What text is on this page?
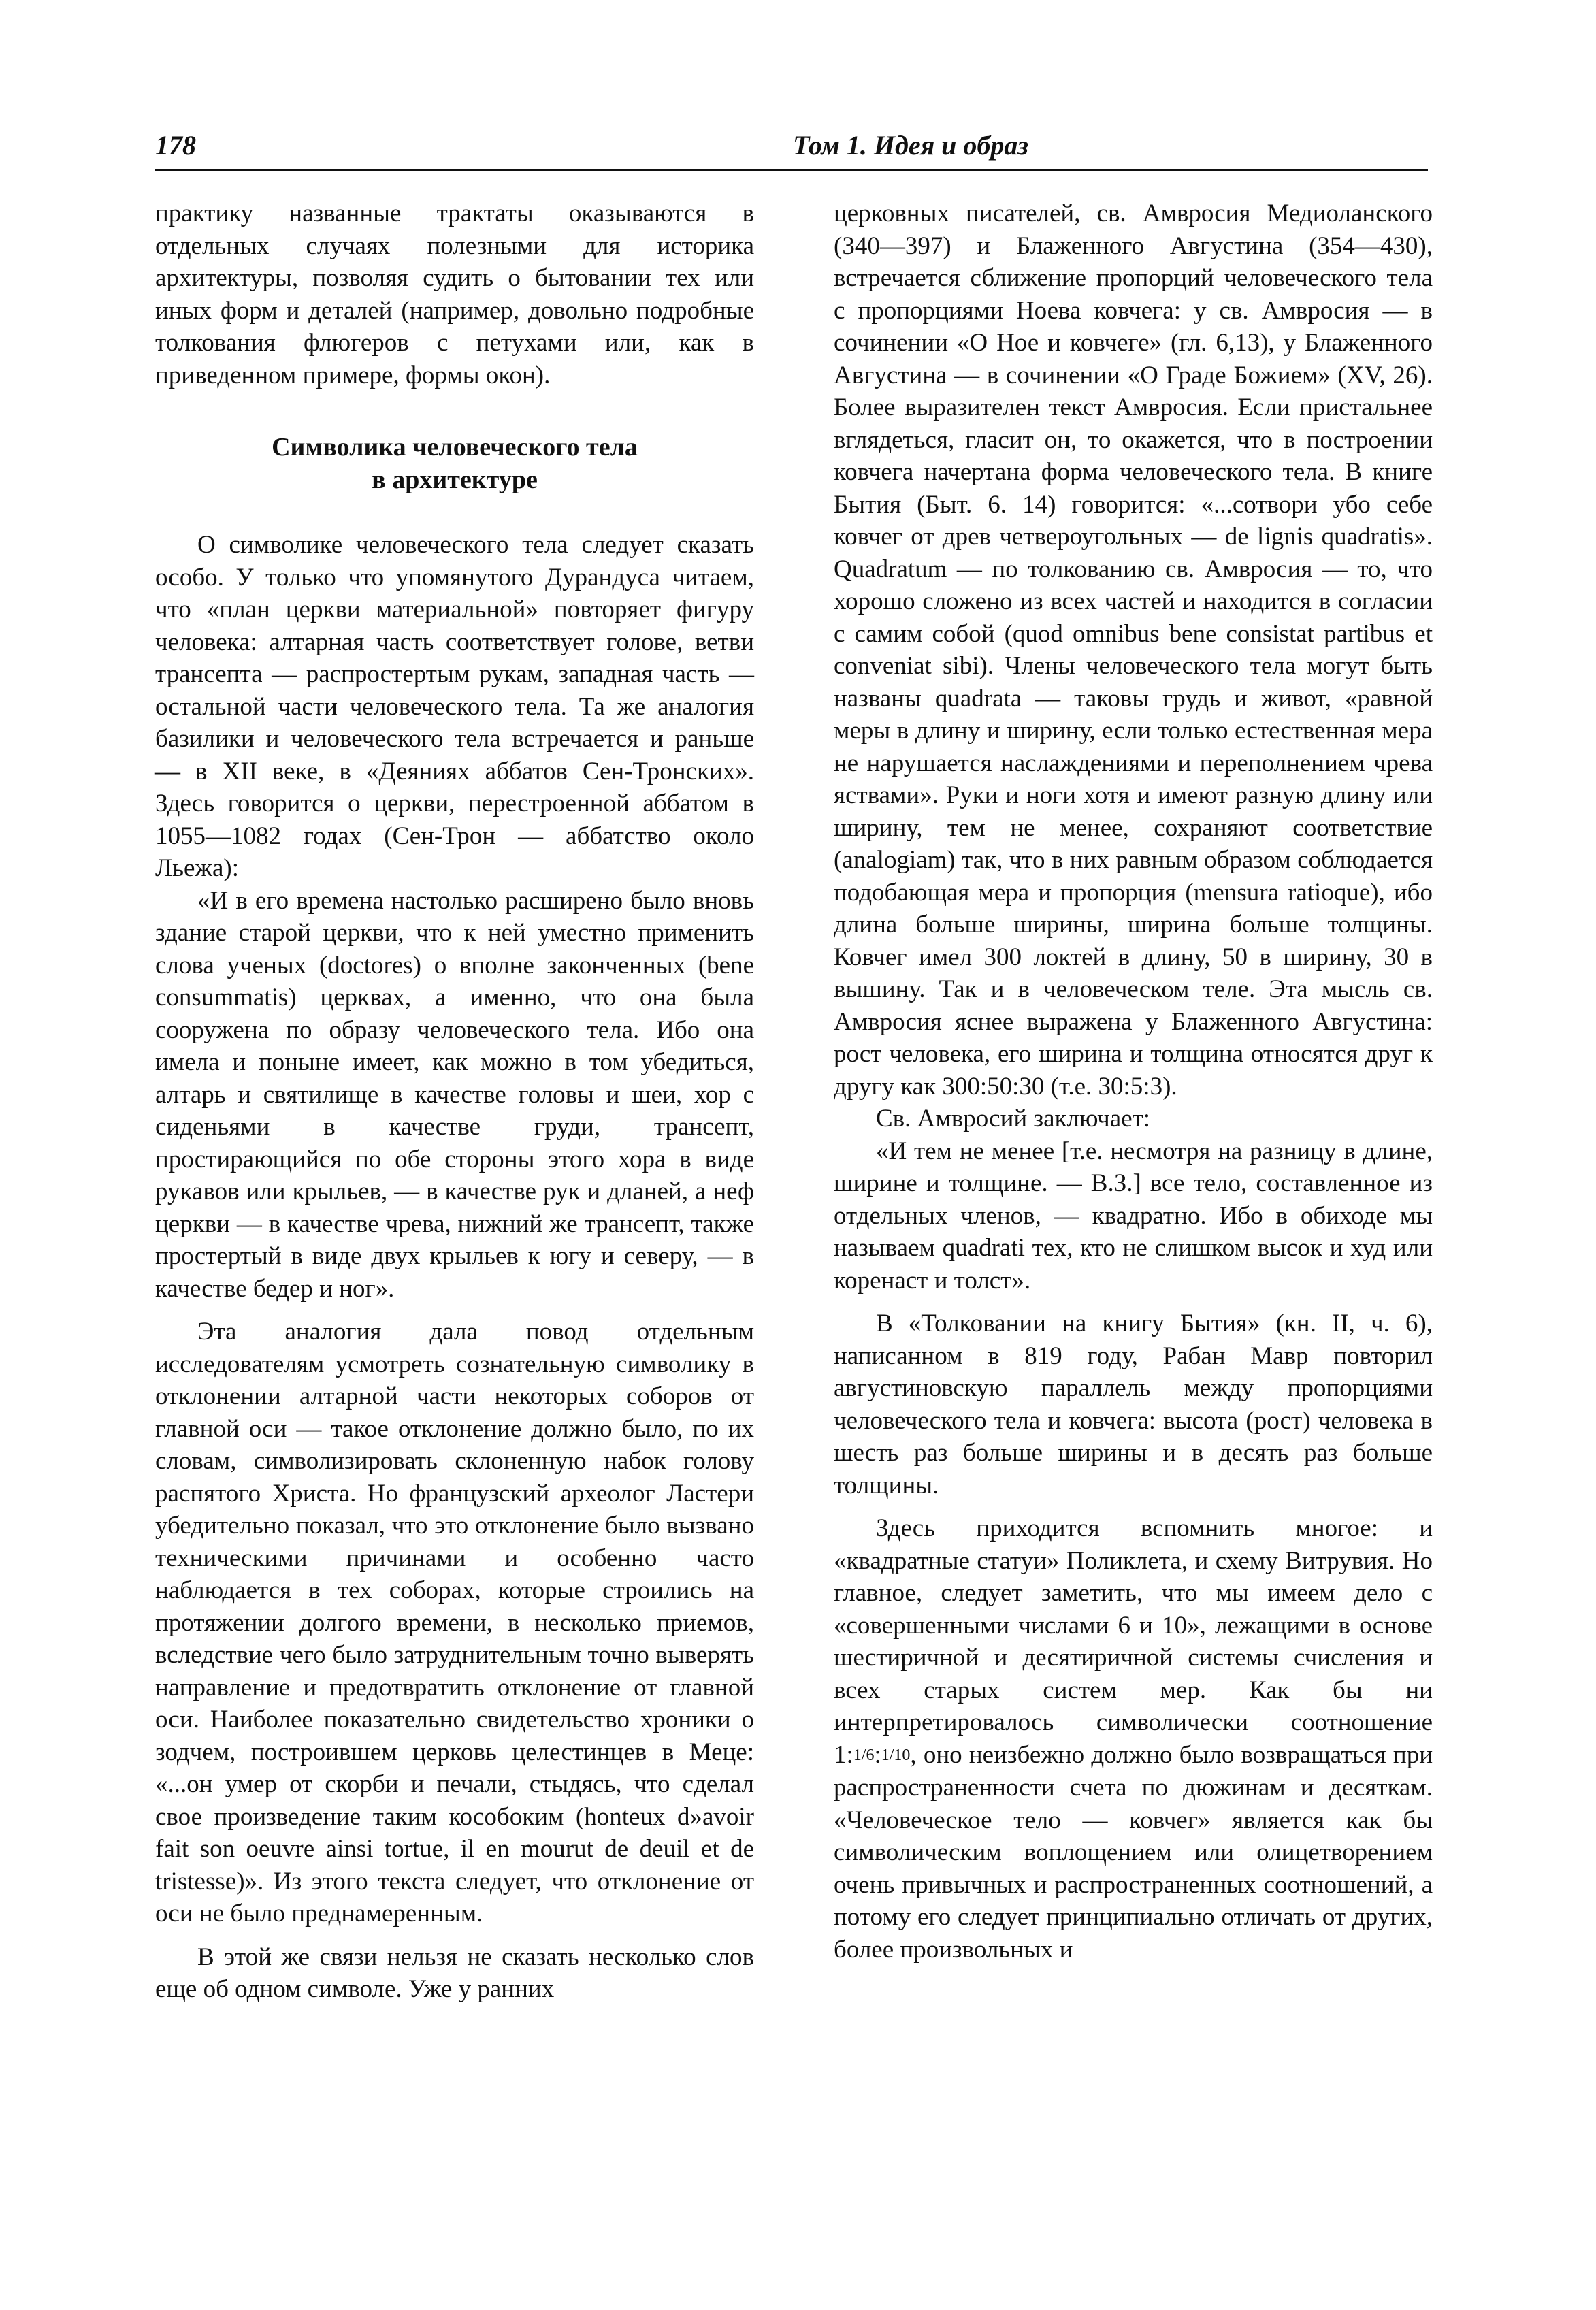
178	Том 1. Идея и образ

практику названные трактаты оказываются в отдельных случаях полезными для историка архитектуры, позволяя судить о бытовании тех или иных форм и деталей (например, довольно подробные толкования флюгеров с петухами или, как в приведенном примере, формы окон).

Символика человеческого тела
в архитектуре

О символике человеческого тела следует сказать особо. У только что упомянутого Дурандуса читаем, что «план церкви материальной» повторяет фигуру человека: алтарная часть соответствует голове, ветви трансепта — распростертым рукам, западная часть — остальной части человеческого тела. Та же аналогия базилики и человеческого тела встречается и раньше — в XII веке, в «Деяниях аббатов Сен-Тронских». Здесь говорится о церкви, перестроенной аббатом в 1055—1082 годах (Сен-Трон — аббатство около Льежа):

«И в его времена настолько расширено было вновь здание старой церкви, что к ней уместно применить слова ученых (doctores) о вполне законченных (bene consummatis) церквах, а именно, что она была сооружена по образу человеческого тела. Ибо она имела и поныне имеет, как можно в том убедиться, алтарь и святилище в качестве головы и шеи, хор с сиденьями в качестве груди, трансепт, простирающийся по обе стороны этого хора в виде рукавов или крыльев, — в качестве рук и дланей, а неф церкви — в качестве чрева, нижний же трансепт, также простертый в виде двух крыльев к югу и северу, — в качестве бедер и ног».

Эта аналогия дала повод отдельным исследователям усмотреть сознательную символику в отклонении алтарной части некоторых соборов от главной оси — такое отклонение должно было, по их словам, символизировать склоненную набок голову распятого Христа. Но французский археолог Ластери убедительно показал, что это отклонение было вызвано техническими причинами и особенно часто наблюдается в тех соборах, которые строились на протяжении долгого времени, в несколько приемов, вследствие чего было затруднительным точно выверять направление и предотвратить отклонение от главной оси. Наиболее показательно свидетельство хроники о зодчем, построившем церковь целестинцев в Меце: «...он умер от скорби и печали, стыдясь, что сделал свое произведение таким кособоким (honteux d»avoir fait son oeuvre ainsi tortue, il en mourut de deuil et de tristesse)». Из этого текста следует, что отклонение от оси не было преднамеренным.

В этой же связи нельзя не сказать несколько слов еще об одном символе. Уже у ранних

церковных писателей, св. Амвросия Медиоланского (340—397) и Блаженного Августина (354—430), встречается сближение пропорций человеческого тела с пропорциями Ноева ковчега: у св. Амвросия — в сочинении «О Ное и ковчеге» (гл. 6,13), у Блаженного Августина — в сочинении «О Граде Божием» (XV, 26). Более выразителен текст Амвросия. Если пристальнее вглядеться, гласит он, то окажется, что в построении ковчега начертана форма человеческого тела. В книге Бытия (Быт. 6. 14) говорится: «...сотвори убо себе ковчег от древ четвероугольных — de lignis quadratis». Quadratum — по толкованию св. Амвросия — то, что хорошо сложено из всех частей и находится в согласии с самим собой (quod omnibus bene consistat partibus et conveniat sibi). Члены человеческого тела могут быть названы quadrata — таковы грудь и живот, «равной меры в длину и ширину, если только естественная мера не нарушается наслаждениями и переполнением чрева яствами». Руки и ноги хотя и имеют разную длину или ширину, тем не менее, сохраняют соответствие (analogiam) так, что в них равным образом соблюдается подобающая мера и пропорция (mensura ratioque), ибо длина больше ширины, ширина больше толщины. Ковчег имел 300 локтей в длину, 50 в ширину, 30 в вышину. Так и в человеческом теле. Эта мысль св. Амвросия яснее выражена у Блаженного Августина: рост человека, его ширина и толщина относятся друг к другу как 300:50:30 (т.е. 30:5:3).

Св. Амвросий заключает:

«И тем не менее [т.е. несмотря на разницу в длине, ширине и толщине. — В.З.] все тело, составленное из отдельных членов, — квадратно. Ибо в обиходе мы называем quadrati тех, кто не слишком высок и худ или коренаст и толст».

В «Толковании на книгу Бытия» (кн. II, ч. 6), написанном в 819 году, Рабан Мавр повторил августиновскую параллель между пропорциями человеческого тела и ковчега: высота (рост) человека в шесть раз больше ширины и в десять раз больше толщины.

Здесь приходится вспомнить многое: и «квадратные статуи» Поликлета, и схему Витрувия. Но главное, следует заметить, что мы имеем дело с «совершенными числами 6 и 10», лежащими в основе шестиричной и десятиричной системы счисления и всех старых систем мер. Как бы ни интерпретировалось символически соотношение 1:1/6:1/10, оно неизбежно должно было возвращаться при распространенности счета по дюжинам и десяткам. «Человеческое тело — ковчег» является как бы символическим воплощением или олицетворением очень привычных и распространенных соотношений, а потому его следует принципиально отличать от других, более произвольных и
